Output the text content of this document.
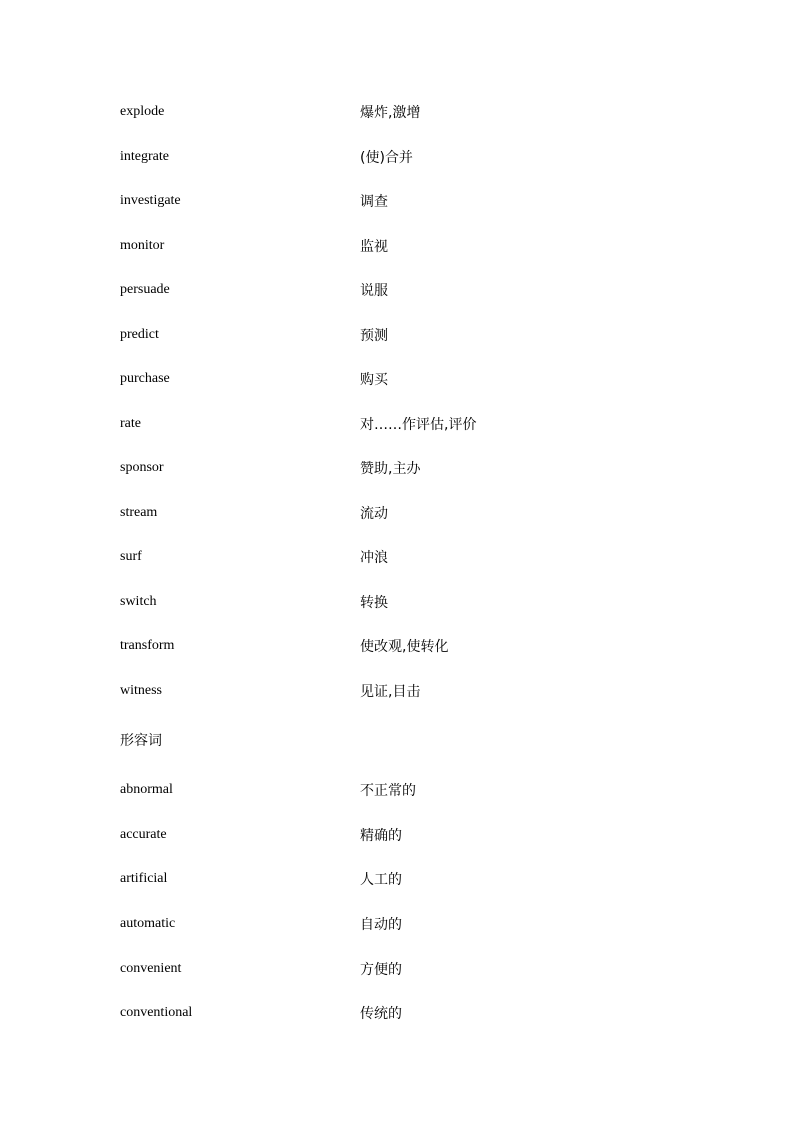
explode	爆炸,激增
integrate	(使)合并
investigate	调查
monitor	监视
persuade	说服
predict	预测
purchase	购买
rate	对……作评估,评价
sponsor	赞助,主办
stream	流动
surf	冲浪
switch	转换
transform	使改观,使转化
witness	见证,目击
形容词
abnormal	不正常的
accurate	精确的
artificial	人工的
automatic	自动的
convenient	方便的
conventional	传统的
